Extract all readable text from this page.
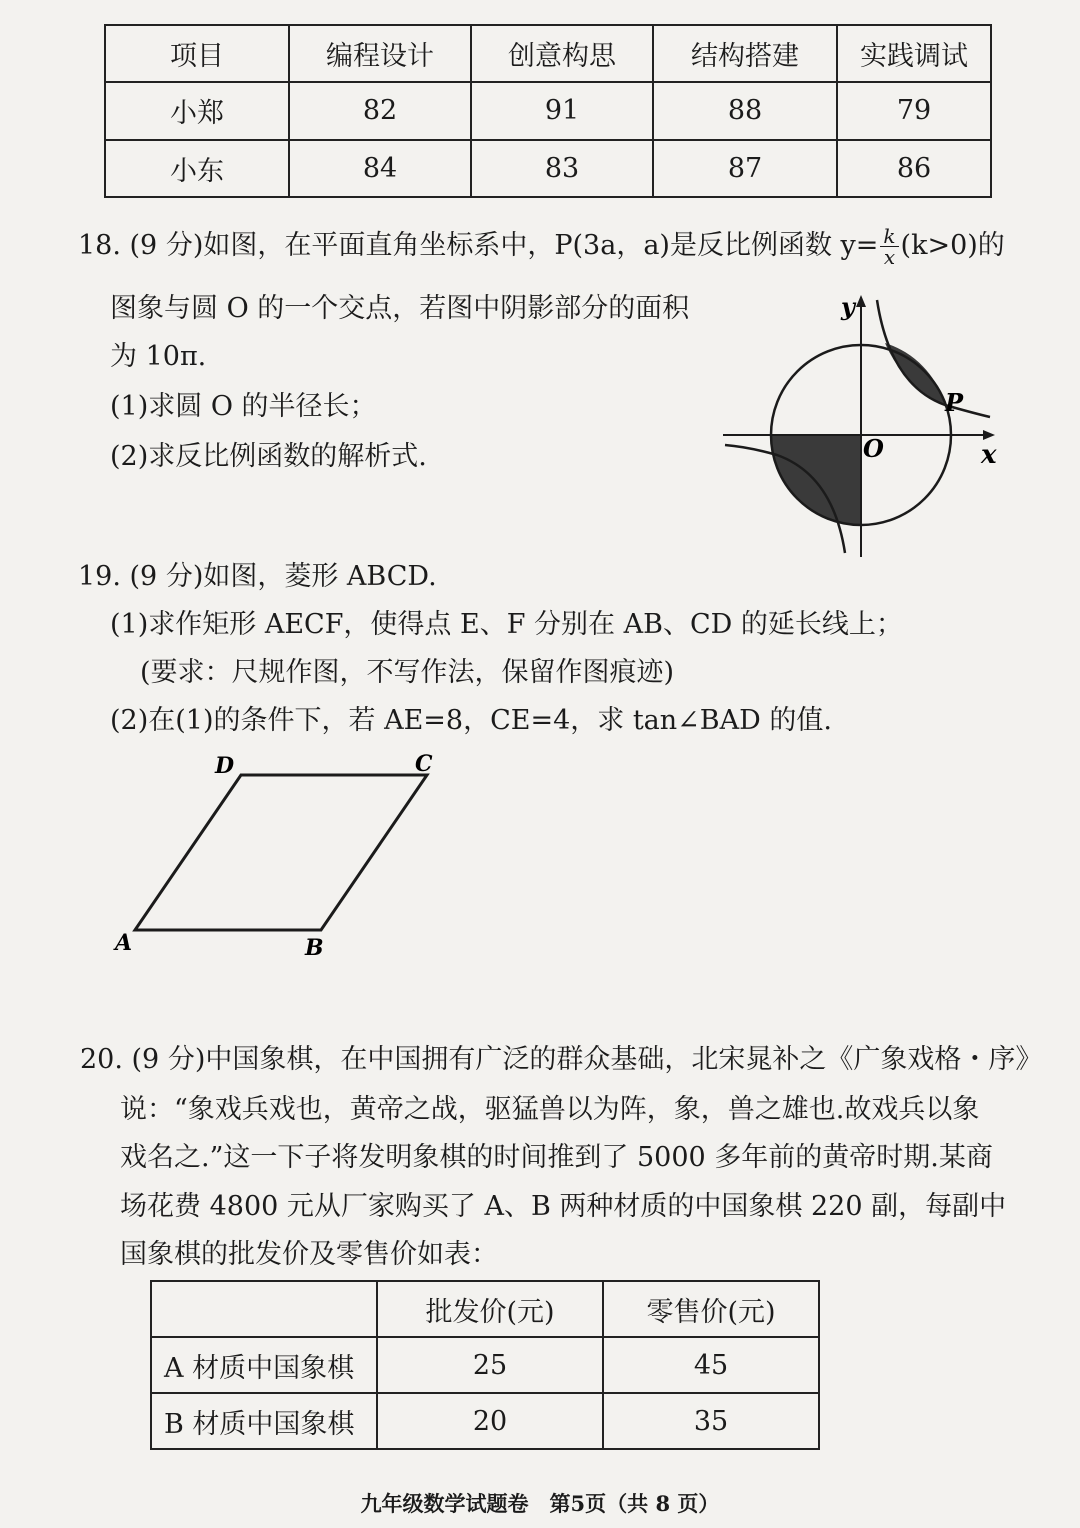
项目	编程设计	创意构思	结构搭建	实践调试
小郑	82	91	88	79
小东	84	83	87	86
18. (9 分)如图，在平面直角坐标系中，P(3a，a)是反比例函数 $y= \frac{k}{x} (k>0)$的
图象与圆 O 的一个交点，若图中阴影部分的面积
为 10π.
(1)求圆 O 的半径长；
(2)求反比例函数的解析式.
y
x
O
P
19. (9 分)如图，菱形 ABCD.
(1)求作矩形 AECF，使得点 E、F 分别在 AB、CD 的延长线上；
(要求：尺规作图，不写作法，保留作图痕迹)
(2)在(1)的条件下，若 AE=8，CE=4，求 tan∠BAD 的值.
A	B
C
D
20. (9 分)中国象棋，在中国拥有广泛的群众基础，北宋晁补之《广象戏格・序》
说：“象戏兵戏也，黄帝之战，驱猛兽以为阵，象，兽之雄也.故戏兵以象
戏名之.”这一下子将发明象棋的时间推到了 5000 多年前的黄帝时期.某商
场花费 4800 元从厂家购买了 A、B 两种材质的中国象棋 220 副，每副中
国象棋的批发价及零售价如表：
	批发价(元)	零售价(元)
A 材质中国象棋	25	45
B 材质中国象棋	20	35
九年级数学试题卷　第5页（共 8 页）
